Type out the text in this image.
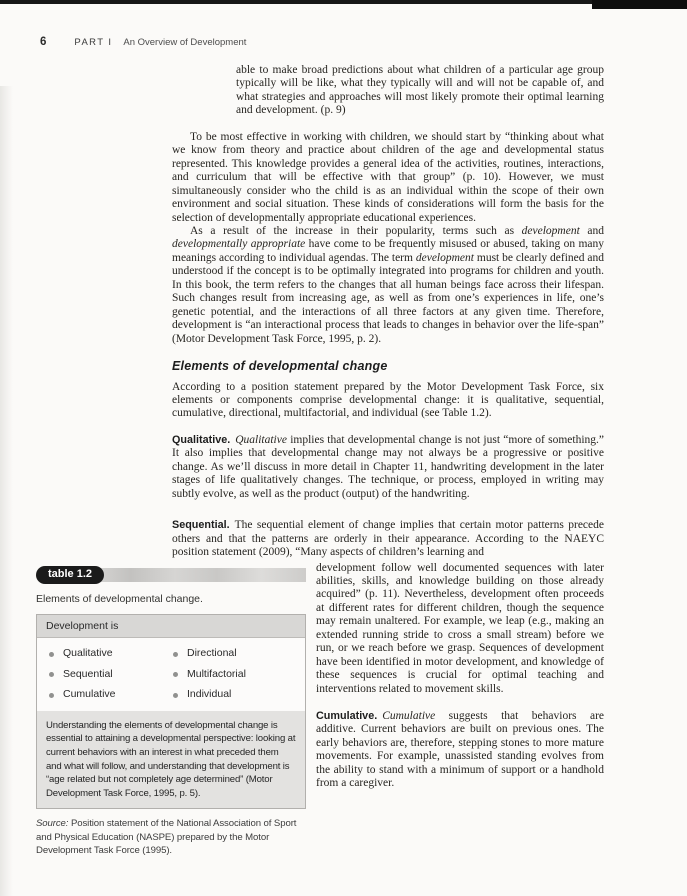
6	PART I An Overview of Development
able to make broad predictions about what children of a particular age group typically will be like, what they typically will and will not be capable of, and what strategies and approaches will most likely promote their optimal learning and development. (p. 9)

To be most effective in working with children, we should start by “thinking about what we know from theory and practice about children of the age and developmental status represented. This knowledge provides a general idea of the activities, routines, interactions, and curriculum that will be effective with that group” (p. 10). However, we must simultaneously consider who the child is as an individual within the scope of their own environment and social situation. These kinds of considerations will form the basis for the selection of developmentally appropriate educational experiences.

As a result of the increase in their popularity, terms such as development and developmentally appropriate have come to be frequently misused or abused, taking on many meanings according to individual agendas. The term development must be clearly defined and understood if the concept is to be optimally integrated into programs for children and youth. In this book, the term refers to the changes that all human beings face across their lifespan. Such changes result from increasing age, as well as from one’s experiences in life, one’s genetic potential, and the interactions of all three factors at any given time. Therefore, development is “an interactional process that leads to changes in behavior over the life-span” (Motor Development Task Force, 1995, p. 2).

Elements of developmental change

According to a position statement prepared by the Motor Development Task Force, six elements or components comprise developmental change: it is qualitative, sequential, cumulative, directional, multifactorial, and individual (see Table 1.2).

Qualitative. Qualitative implies that developmental change is not just “more of something.” It also implies that developmental change may not always be a progressive or positive change. As we’ll discuss in more detail in Chapter 11, handwriting development in the later stages of life qualitatively changes. The technique, or process, employed in writing may subtly evolve, as well as the product (output) of the handwriting.

Sequential. The sequential element of change implies that certain motor patterns precede others and that the patterns are orderly in their appearance. According to the NAEYC position statement (2009), “Many aspects of children’s learning and

table 1.2
Elements of developmental change.
Development is
Qualitative
Sequential
Cumulative
Directional
Multifactorial
Individual
Understanding the elements of developmental change is essential to attaining a developmental perspective: looking at current behaviors with an interest in what preceded them and what will follow, and understanding that development is “age related but not completely age determined” (Motor Development Task Force, 1995, p. 5).
Source: Position statement of the National Association of Sport and Physical Education (NASPE) prepared by the Motor Development Task Force (1995).

development follow well documented sequences with later abilities, skills, and knowledge building on those already acquired” (p. 11). Nevertheless, development often proceeds at different rates for different children, though the sequence may remain unaltered. For example, we leap (e.g., making an extended running stride to cross a small stream) before we run, or we reach before we grasp. Sequences of development have been identified in motor development, and knowledge of these sequences is crucial for optimal teaching and interventions related to movement skills.

Cumulative. Cumulative suggests that behaviors are additive. Current behaviors are built on previous ones. The early behaviors are, therefore, stepping stones to more mature movements. For example, unassisted standing evolves from the ability to stand with a minimum of support or a handhold from a caregiver.
